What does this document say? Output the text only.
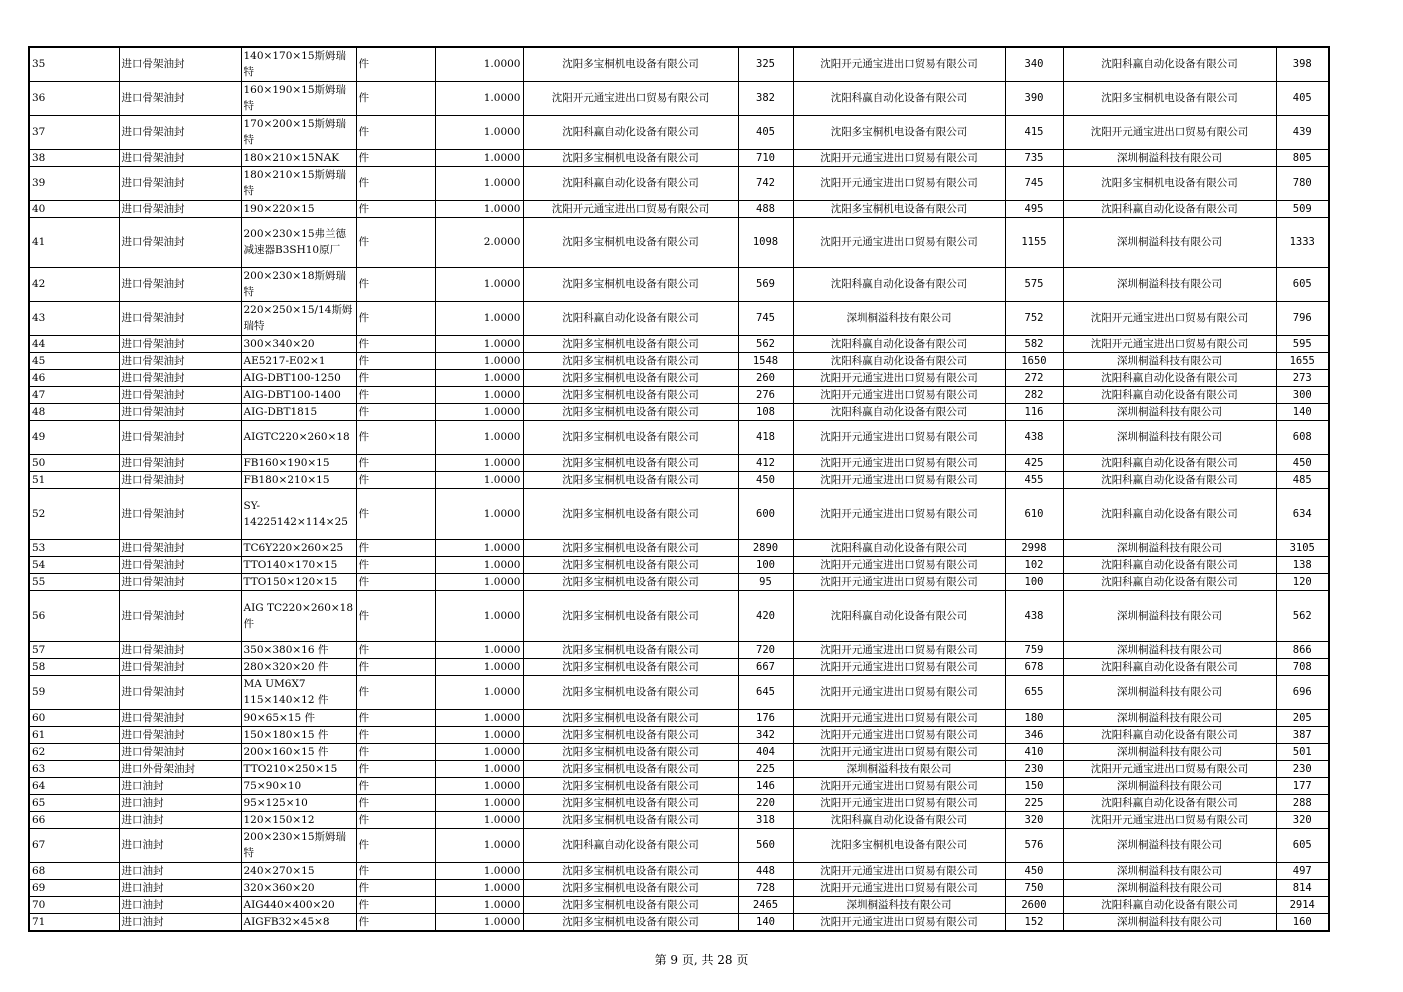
35	进口骨架油封	140×170×15斯姆瑞特	件	1.0000	沈阳多宝桐机电设备有限公司	325	沈阳开元通宝进出口贸易有限公司	340	沈阳科赢自动化设备有限公司	398
36	进口骨架油封	160×190×15斯姆瑞特	件	1.0000	沈阳开元通宝进出口贸易有限公司	382	沈阳科赢自动化设备有限公司	390	沈阳多宝桐机电设备有限公司	405
37	进口骨架油封	170×200×15斯姆瑞特	件	1.0000	沈阳科赢自动化设备有限公司	405	沈阳多宝桐机电设备有限公司	415	沈阳开元通宝进出口贸易有限公司	439
38	进口骨架油封	180×210×15NAK	件	1.0000	沈阳多宝桐机电设备有限公司	710	沈阳开元通宝进出口贸易有限公司	735	深圳桐溢科技有限公司	805
39	进口骨架油封	180×210×15斯姆瑞特	件	1.0000	沈阳科赢自动化设备有限公司	742	沈阳开元通宝进出口贸易有限公司	745	沈阳多宝桐机电设备有限公司	780
40	进口骨架油封	190×220×15	件	1.0000	沈阳开元通宝进出口贸易有限公司	488	沈阳多宝桐机电设备有限公司	495	沈阳科赢自动化设备有限公司	509
41	进口骨架油封	200×230×15弗兰德减速器B3SH10原厂	件	2.0000	沈阳多宝桐机电设备有限公司	1098	沈阳开元通宝进出口贸易有限公司	1155	深圳桐溢科技有限公司	1333
42	进口骨架油封	200×230×18斯姆瑞特	件	1.0000	沈阳多宝桐机电设备有限公司	569	沈阳科赢自动化设备有限公司	575	深圳桐溢科技有限公司	605
43	进口骨架油封	220×250×15/14斯姆瑞特	件	1.0000	沈阳科赢自动化设备有限公司	745	深圳桐溢科技有限公司	752	沈阳开元通宝进出口贸易有限公司	796
44	进口骨架油封	300×340×20	件	1.0000	沈阳多宝桐机电设备有限公司	562	沈阳科赢自动化设备有限公司	582	沈阳开元通宝进出口贸易有限公司	595
45	进口骨架油封	AE5217-E02×1	件	1.0000	沈阳多宝桐机电设备有限公司	1548	沈阳科赢自动化设备有限公司	1650	深圳桐溢科技有限公司	1655
46	进口骨架油封	AIG-DBT100-1250	件	1.0000	沈阳多宝桐机电设备有限公司	260	沈阳开元通宝进出口贸易有限公司	272	沈阳科赢自动化设备有限公司	273
47	进口骨架油封	AIG-DBT100-1400	件	1.0000	沈阳多宝桐机电设备有限公司	276	沈阳开元通宝进出口贸易有限公司	282	沈阳科赢自动化设备有限公司	300
48	进口骨架油封	AIG-DBT1815	件	1.0000	沈阳多宝桐机电设备有限公司	108	沈阳科赢自动化设备有限公司	116	深圳桐溢科技有限公司	140
49	进口骨架油封	AIGTC220×260×18	件	1.0000	沈阳多宝桐机电设备有限公司	418	沈阳开元通宝进出口贸易有限公司	438	深圳桐溢科技有限公司	608
50	进口骨架油封	FB160×190×15	件	1.0000	沈阳多宝桐机电设备有限公司	412	沈阳开元通宝进出口贸易有限公司	425	沈阳科赢自动化设备有限公司	450
51	进口骨架油封	FB180×210×15	件	1.0000	沈阳多宝桐机电设备有限公司	450	沈阳开元通宝进出口贸易有限公司	455	沈阳科赢自动化设备有限公司	485
52	进口骨架油封	SY-14225142×114×25	件	1.0000	沈阳多宝桐机电设备有限公司	600	沈阳开元通宝进出口贸易有限公司	610	沈阳科赢自动化设备有限公司	634
53	进口骨架油封	TC6Y220×260×25	件	1.0000	沈阳多宝桐机电设备有限公司	2890	沈阳科赢自动化设备有限公司	2998	深圳桐溢科技有限公司	3105
54	进口骨架油封	TTO140×170×15	件	1.0000	沈阳多宝桐机电设备有限公司	100	沈阳开元通宝进出口贸易有限公司	102	沈阳科赢自动化设备有限公司	138
55	进口骨架油封	TTO150×120×15	件	1.0000	沈阳多宝桐机电设备有限公司	95	沈阳开元通宝进出口贸易有限公司	100	沈阳科赢自动化设备有限公司	120
56	进口骨架油封	AIG TC220×260×18 件	件	1.0000	沈阳多宝桐机电设备有限公司	420	沈阳科赢自动化设备有限公司	438	深圳桐溢科技有限公司	562
57	进口骨架油封	350×380×16 件	件	1.0000	沈阳多宝桐机电设备有限公司	720	沈阳开元通宝进出口贸易有限公司	759	深圳桐溢科技有限公司	866
58	进口骨架油封	280×320×20 件	件	1.0000	沈阳多宝桐机电设备有限公司	667	沈阳开元通宝进出口贸易有限公司	678	沈阳科赢自动化设备有限公司	708
59	进口骨架油封	MA UM6X7 115×140×12 件	件	1.0000	沈阳多宝桐机电设备有限公司	645	沈阳开元通宝进出口贸易有限公司	655	深圳桐溢科技有限公司	696
60	进口骨架油封	90×65×15 件	件	1.0000	沈阳多宝桐机电设备有限公司	176	沈阳开元通宝进出口贸易有限公司	180	深圳桐溢科技有限公司	205
61	进口骨架油封	150×180×15 件	件	1.0000	沈阳多宝桐机电设备有限公司	342	沈阳开元通宝进出口贸易有限公司	346	沈阳科赢自动化设备有限公司	387
62	进口骨架油封	200×160×15 件	件	1.0000	沈阳多宝桐机电设备有限公司	404	沈阳开元通宝进出口贸易有限公司	410	深圳桐溢科技有限公司	501
63	进口外骨架油封	TTO210×250×15	件	1.0000	沈阳多宝桐机电设备有限公司	225	深圳桐溢科技有限公司	230	沈阳开元通宝进出口贸易有限公司	230
64	进口油封	75×90×10	件	1.0000	沈阳多宝桐机电设备有限公司	146	沈阳开元通宝进出口贸易有限公司	150	深圳桐溢科技有限公司	177
65	进口油封	95×125×10	件	1.0000	沈阳多宝桐机电设备有限公司	220	沈阳开元通宝进出口贸易有限公司	225	沈阳科赢自动化设备有限公司	288
66	进口油封	120×150×12	件	1.0000	沈阳多宝桐机电设备有限公司	318	沈阳科赢自动化设备有限公司	320	沈阳开元通宝进出口贸易有限公司	320
67	进口油封	200×230×15斯姆瑞特	件	1.0000	沈阳科赢自动化设备有限公司	560	沈阳多宝桐机电设备有限公司	576	深圳桐溢科技有限公司	605
68	进口油封	240×270×15	件	1.0000	沈阳多宝桐机电设备有限公司	448	沈阳开元通宝进出口贸易有限公司	450	深圳桐溢科技有限公司	497
69	进口油封	320×360×20	件	1.0000	沈阳多宝桐机电设备有限公司	728	沈阳开元通宝进出口贸易有限公司	750	深圳桐溢科技有限公司	814
70	进口油封	AIG440×400×20	件	1.0000	沈阳多宝桐机电设备有限公司	2465	深圳桐溢科技有限公司	2600	沈阳科赢自动化设备有限公司	2914
71	进口油封	AIGFB32×45×8	件	1.0000	沈阳多宝桐机电设备有限公司	140	沈阳开元通宝进出口贸易有限公司	152	深圳桐溢科技有限公司	160
第 9 页, 共 28 页
